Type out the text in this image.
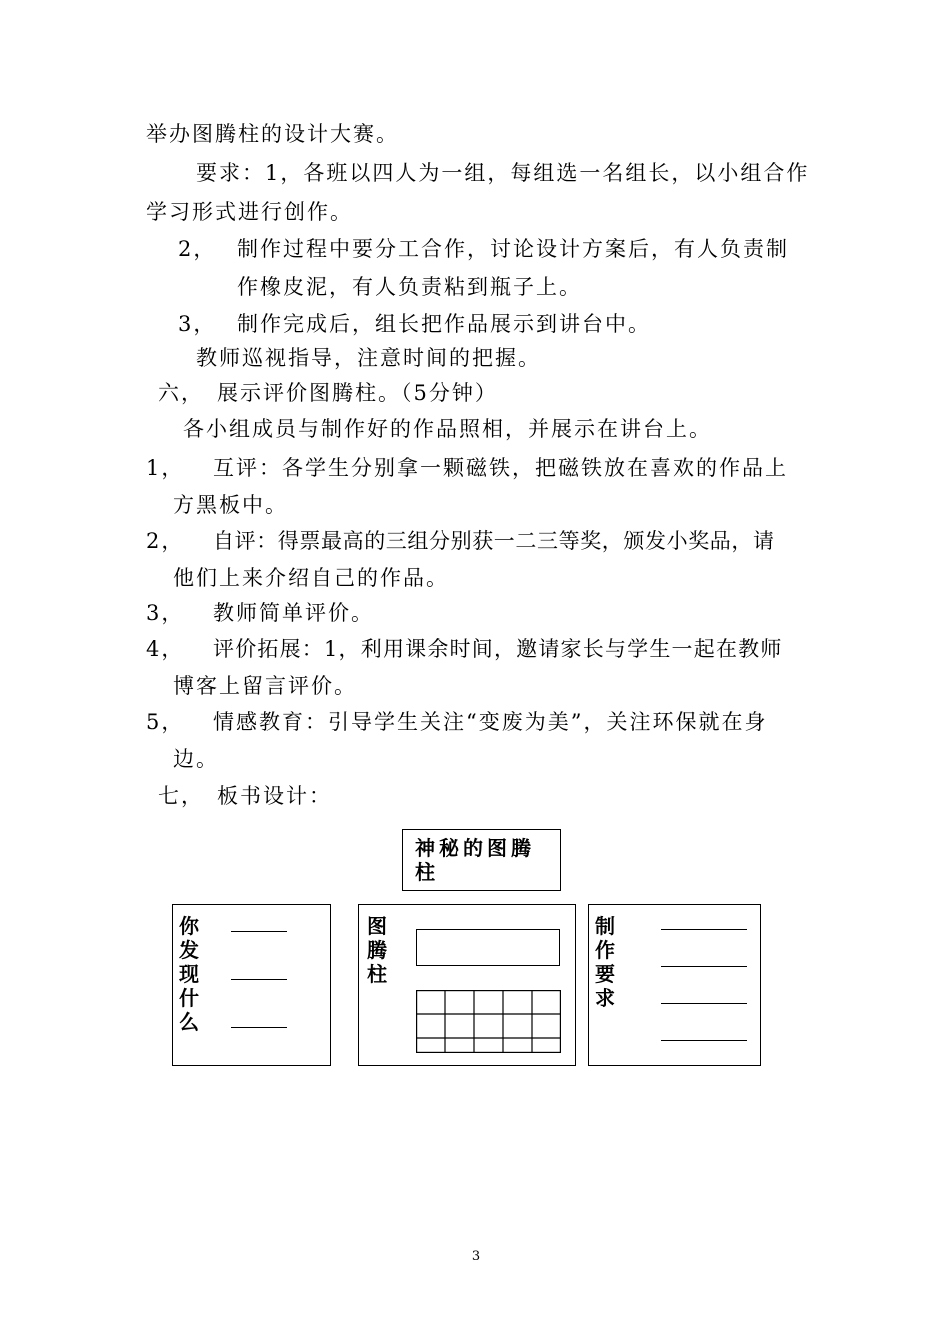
举办图腾柱的设计大赛。
要求：1，各班以四人为一组，每组选一名组长，以小组合作
学习形式进行创作。
2， 制作过程中要分工合作，讨论设计方案后，有人负责制
作橡皮泥，有人负责粘到瓶子上。
3， 制作完成后，组长把作品展示到讲台中。
教师巡视指导，注意时间的把握。
六， 展示评价图腾柱。（5分钟）
各小组成员与制作好的作品照相，并展示在讲台上。
1， 互评：各学生分别拿一颗磁铁，把磁铁放在喜欢的作品上
方黑板中。
2， 自评：得票最高的三组分别获一二三等奖，颁发小奖品，请
他们上来介绍自己的作品。
3， 教师简单评价。
4， 评价拓展：1，利用课余时间，邀请家长与学生一起在教师
博客上留言评价。
5， 情感教育：引导学生关注“变废为美”，关注环保就在身
边。
七， 板书设计：
神秘的图腾柱
你发现什么
图腾柱
制作要求
3
